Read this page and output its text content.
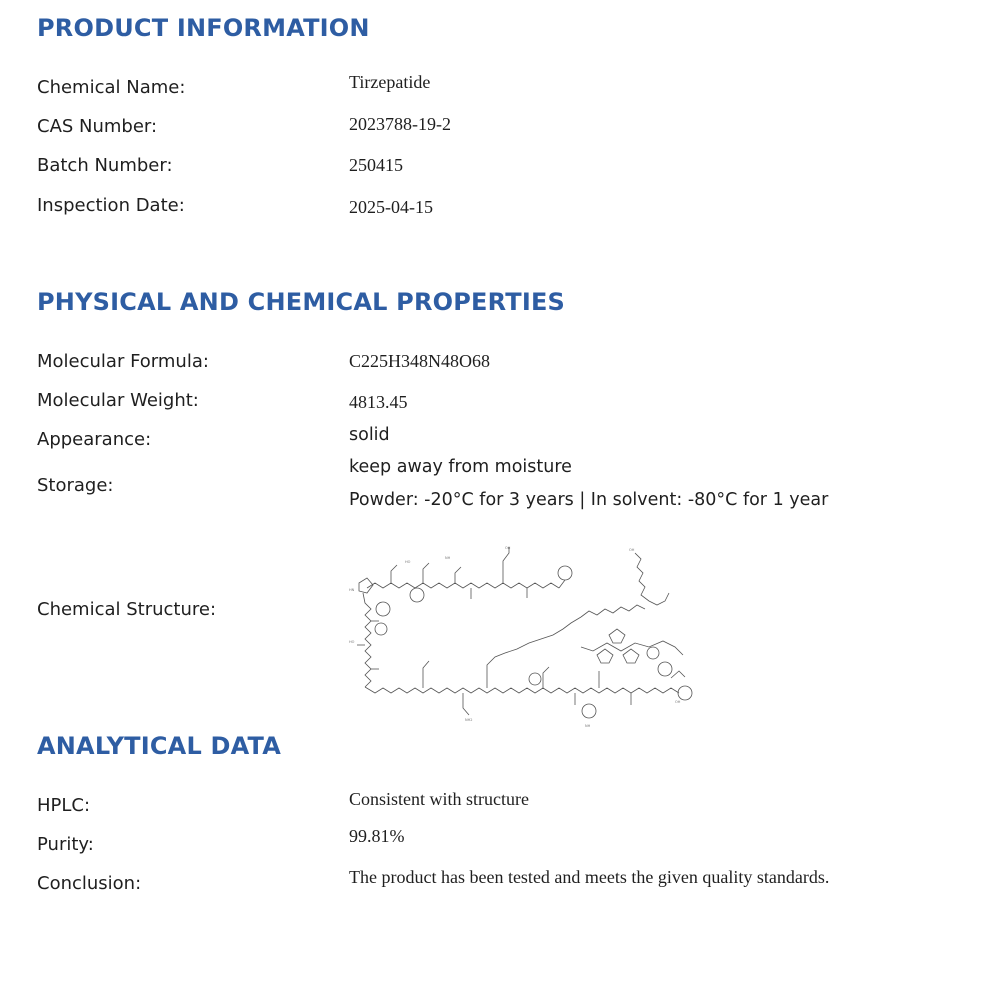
PRODUCT INFORMATION
Chemical Name:	Tirzepatide
CAS Number:	2023788-19-2
Batch Number:	250415
Inspection Date:	2025-04-15
PHYSICAL AND CHEMICAL PROPERTIES
Molecular Formula:	C225H348N48O68
Molecular Weight:	4813.45
Appearance:	solid
Storage:
keep away from moisture
Powder: -20°C for 3 years | In solvent: -80°C for 1 year
Chemical Structure:
HO
NH
OH
HN
HO
OH
NH2
NH
OH
ANALYTICAL DATA
HPLC:	Consistent with structure
Purity:	99.81%
Conclusion:	The product has been tested and meets the given quality standards.
